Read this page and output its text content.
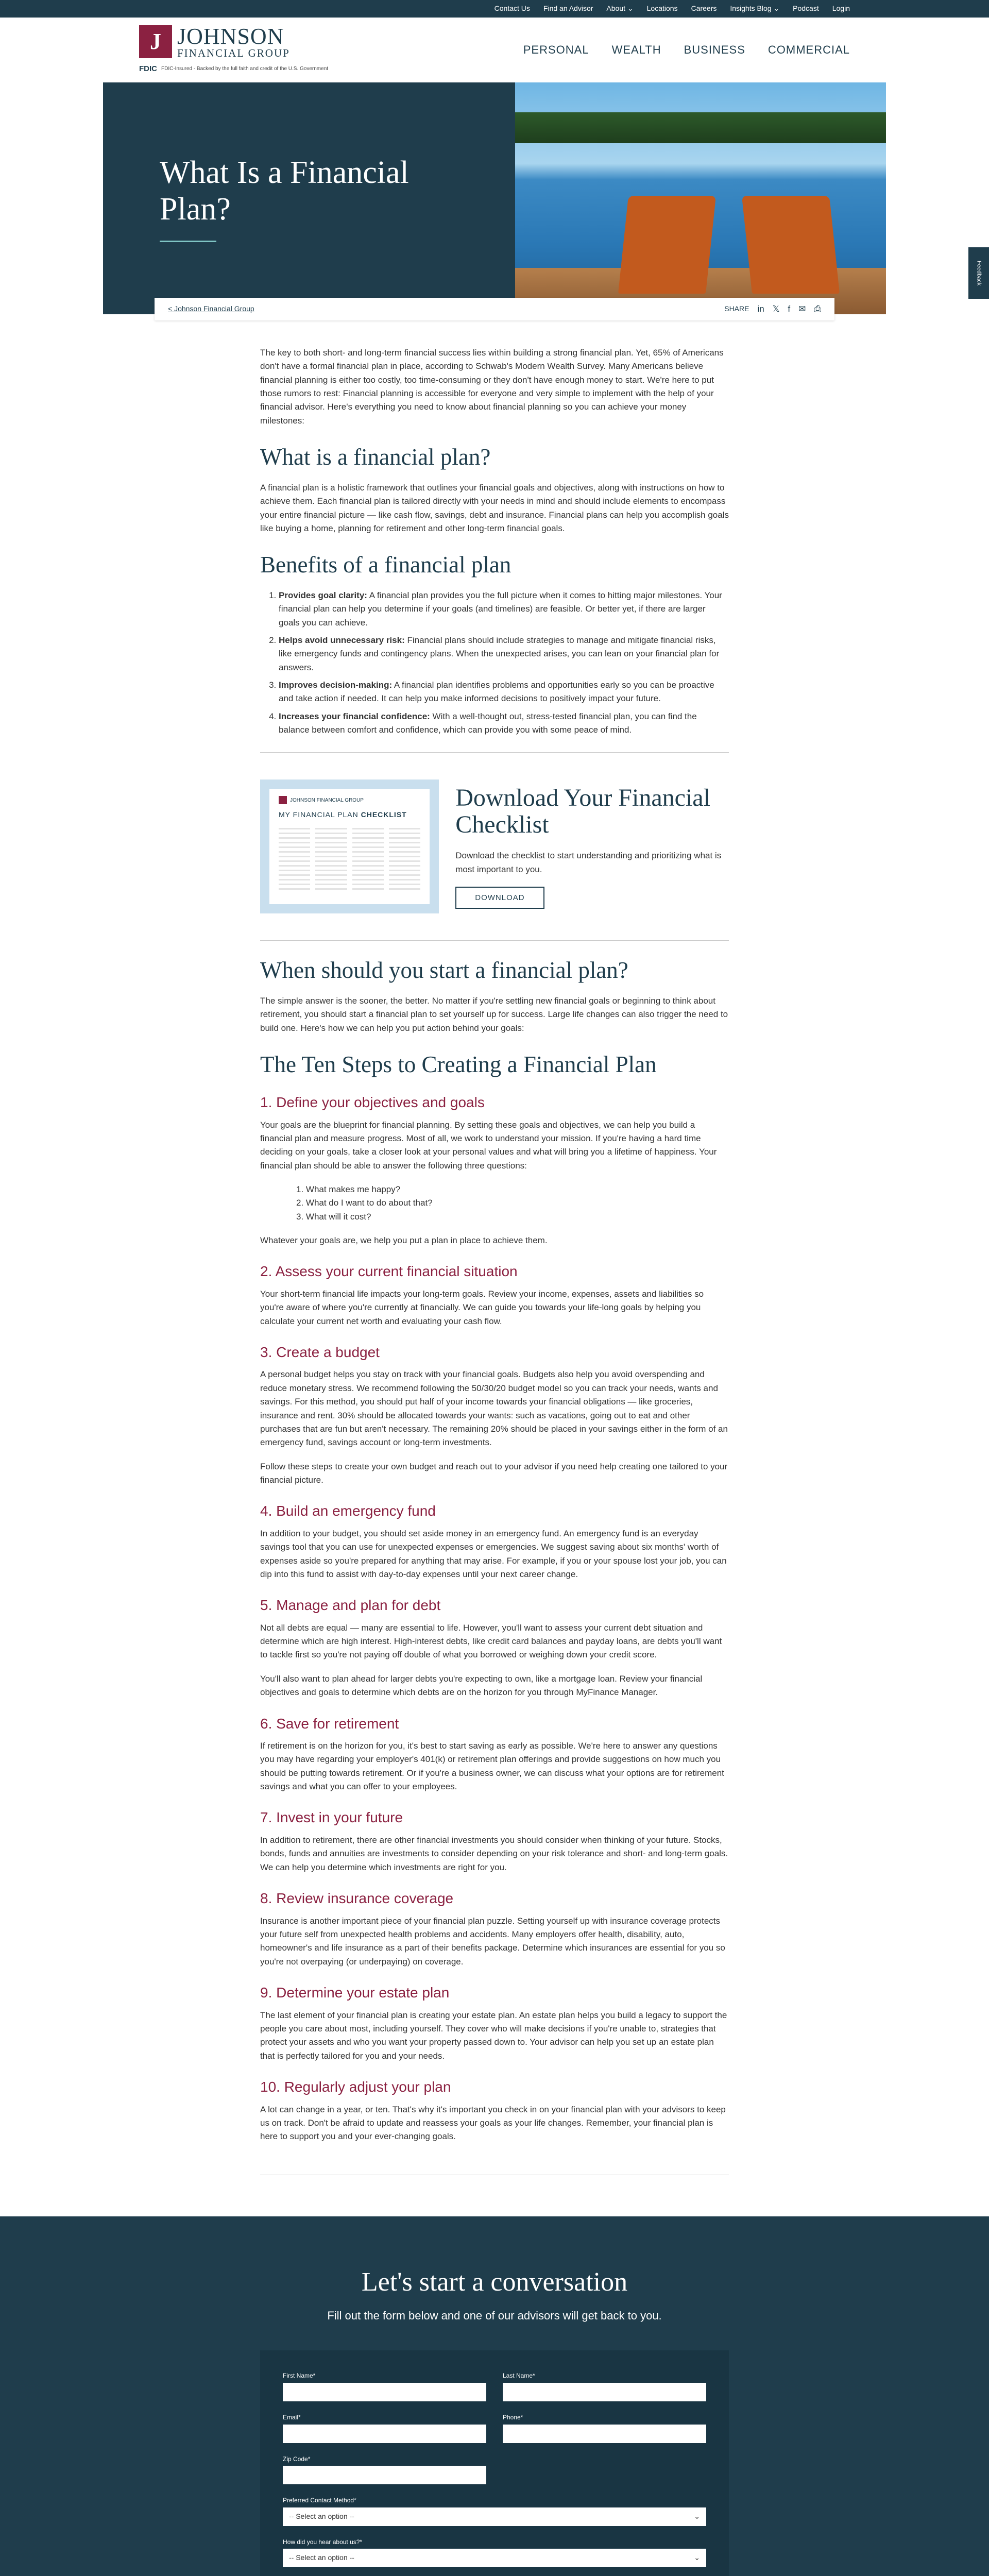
Contact Us Find an Advisor About ⌄ Locations Careers Insights Blog ⌄ Podcast Login
J JOHNSON
FINANCIAL GROUP
FDIC FDIC-Insured - Backed by the full faith and credit of the U.S. Government
PERSONAL WEALTH BUSINESS COMMERCIAL
What Is a Financial Plan?
< Johnson Financial Group	SHARE in 𝕏 f ✉ ⎙
Feedback

The key to both short- and long-term financial success lies within building a strong financial plan. Yet, 65% of Americans don't have a formal financial plan in place, according to Schwab's Modern Wealth Survey. Many Americans believe financial planning is either too costly, too time-consuming or they don't have enough money to start. We're here to put those rumors to rest: Financial planning is accessible for everyone and very simple to implement with the help of your financial advisor. Here's everything you need to know about financial planning so you can achieve your money milestones:

What is a financial plan?

A financial plan is a holistic framework that outlines your financial goals and objectives, along with instructions on how to achieve them. Each financial plan is tailored directly with your needs in mind and should include elements to encompass your entire financial picture — like cash flow, savings, debt and insurance. Financial plans can help you accomplish goals like buying a home, planning for retirement and other long-term financial goals.

Benefits of a financial plan
1. Provides goal clarity: A financial plan provides you the full picture when it comes to hitting major milestones. Your financial plan can help you determine if your goals (and timelines) are feasible. Or better yet, if there are larger goals you can achieve.
2. Helps avoid unnecessary risk: Financial plans should include strategies to manage and mitigate financial risks, like emergency funds and contingency plans. When the unexpected arises, you can lean on your financial plan for answers.
3. Improves decision-making: A financial plan identifies problems and opportunities early so you can be proactive and take action if needed. It can help you make informed decisions to positively impact your future.
4. Increases your financial confidence: With a well-thought out, stress-tested financial plan, you can find the balance between comfort and confidence, which can provide you with some peace of mind.
JOHNSON FINANCIAL GROUP
MY FINANCIAL PLAN CHECKLIST
Download Your Financial Checklist

Download the checklist to start understanding and prioritizing what is most important to you.

DOWNLOAD
When should you start a financial plan?

The simple answer is the sooner, the better. No matter if you're settling new financial goals or beginning to think about retirement, you should start a financial plan to set yourself up for success. Large life changes can also trigger the need to build one. Here's how we can help you put action behind your goals:

The Ten Steps to Creating a Financial Plan
1. Define your objectives and goals

Your goals are the blueprint for financial planning. By setting these goals and objectives, we can help you build a financial plan and measure progress. Most of all, we work to understand your mission. If you're having a hard time deciding on your goals, take a closer look at your personal values and what will bring you a lifetime of happiness. Your financial plan should be able to answer the following three questions:

1. What makes me happy?
2. What do I want to do about that?
3. What will it cost?

Whatever your goals are, we help you put a plan in place to achieve them.

2. Assess your current financial situation

Your short-term financial life impacts your long-term goals. Review your income, expenses, assets and liabilities so you're aware of where you're currently at financially. We can guide you towards your life-long goals by helping you calculate your current net worth and evaluating your cash flow.

3. Create a budget

A personal budget helps you stay on track with your financial goals. Budgets also help you avoid overspending and reduce monetary stress. We recommend following the 50/30/20 budget model so you can track your needs, wants and savings. For this method, you should put half of your income towards your financial obligations — like groceries, insurance and rent. 30% should be allocated towards your wants: such as vacations, going out to eat and other purchases that are fun but aren't necessary. The remaining 20% should be placed in your savings either in the form of an emergency fund, savings account or long-term investments.

Follow these steps to create your own budget and reach out to your advisor if you need help creating one tailored to your financial picture.

4. Build an emergency fund

In addition to your budget, you should set aside money in an emergency fund. An emergency fund is an everyday savings tool that you can use for unexpected expenses or emergencies. We suggest saving about six months' worth of expenses aside so you're prepared for anything that may arise. For example, if you or your spouse lost your job, you can dip into this fund to assist with day-to-day expenses until your next career change.

5. Manage and plan for debt

Not all debts are equal — many are essential to life. However, you'll want to assess your current debt situation and determine which are high interest. High-interest debts, like credit card balances and payday loans, are debts you'll want to tackle first so you're not paying off double of what you borrowed or weighing down your credit score.

You'll also want to plan ahead for larger debts you're expecting to own, like a mortgage loan. Review your financial objectives and goals to determine which debts are on the horizon for you through MyFinance Manager.

6. Save for retirement

If retirement is on the horizon for you, it's best to start saving as early as possible. We're here to answer any questions you may have regarding your employer's 401(k) or retirement plan offerings and provide suggestions on how much you should be putting towards retirement. Or if you're a business owner, we can discuss what your options are for retirement savings and what you can offer to your employees.

7. Invest in your future

In addition to retirement, there are other financial investments you should consider when thinking of your future. Stocks, bonds, funds and annuities are investments to consider depending on your risk tolerance and short- and long-term goals. We can help you determine which investments are right for you.

8. Review insurance coverage

Insurance is another important piece of your financial plan puzzle. Setting yourself up with insurance coverage protects your future self from unexpected health problems and accidents. Many employers offer health, disability, auto, homeowner's and life insurance as a part of their benefits package. Determine which insurances are essential for you so you're not overpaying (or underpaying) on coverage.

9. Determine your estate plan

The last element of your financial plan is creating your estate plan. An estate plan helps you build a legacy to support the people you care about most, including yourself. They cover who will make decisions if you're unable to, strategies that protect your assets and who you want your property passed down to. Your advisor can help you set up an estate plan that is perfectly tailored for you and your needs.

10. Regularly adjust your plan

A lot can change in a year, or ten. That's why it's important you check in on your financial plan with your advisors to keep us on track. Don't be afraid to update and reassess your goals as your life changes. Remember, your financial plan is here to support you and your ever-changing goals.

Let's start a conversation

Fill out the form below and one of our advisors will get back to you.

First Name*	Last Name*
Email*	Phone*
Zip Code*
Preferred Contact Method*
-- Select an option --	⌄
How did you hear about us?*
-- Select an option --	⌄
